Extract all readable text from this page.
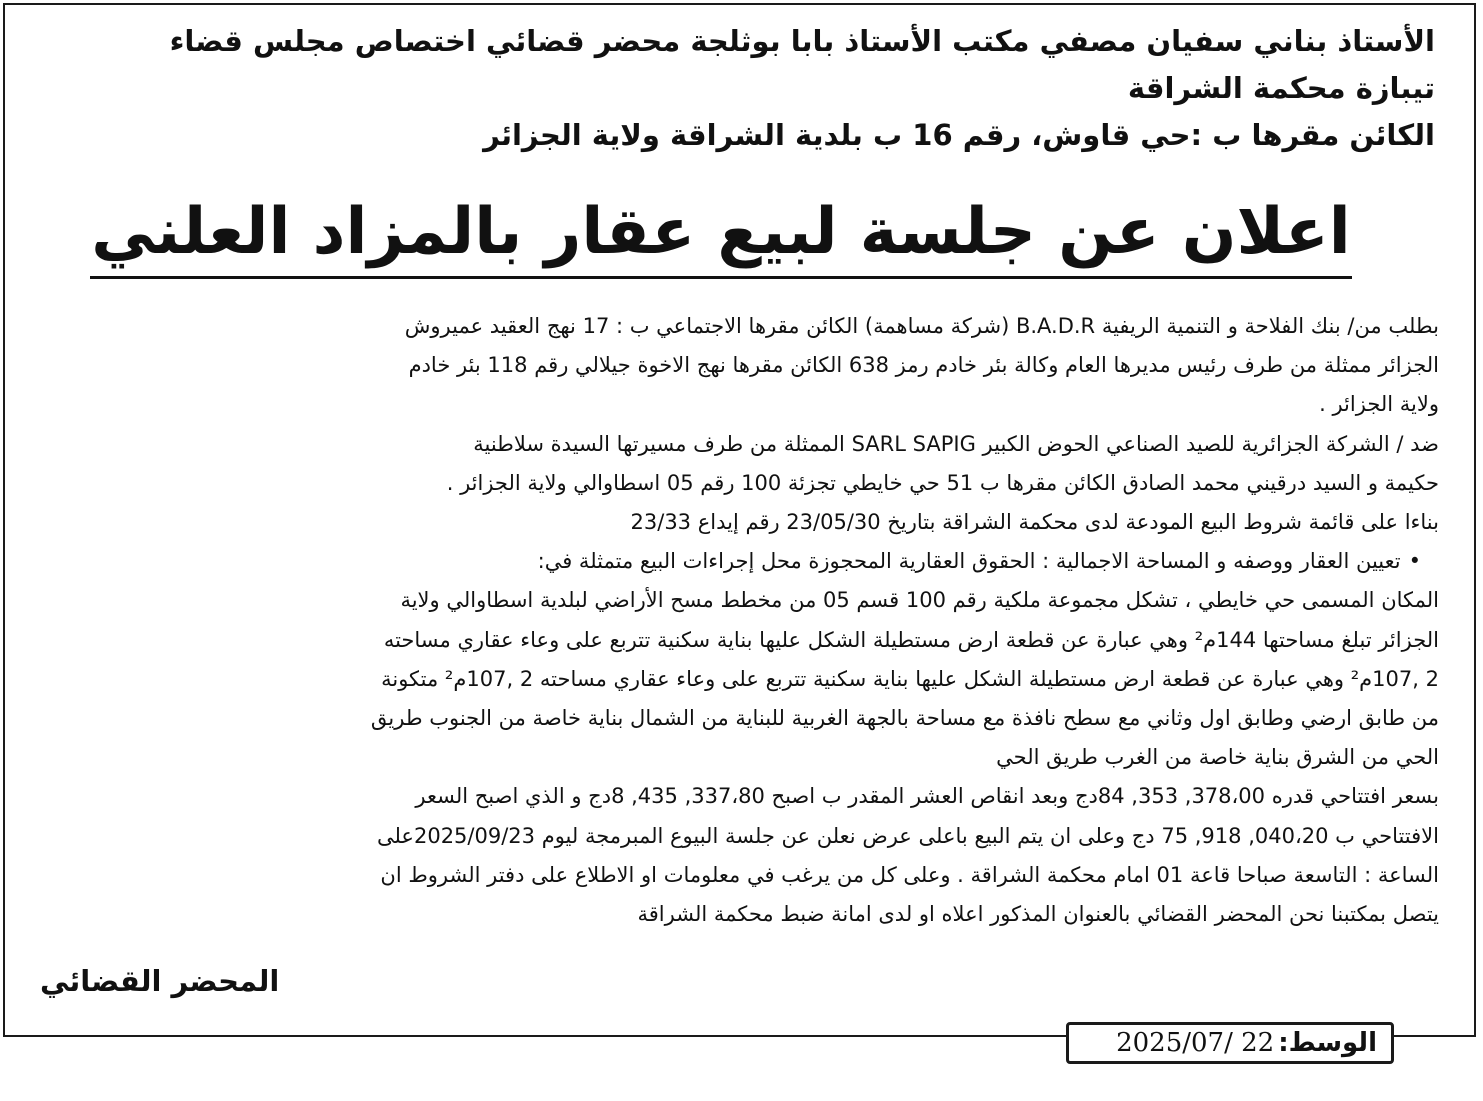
الأستاذ بناني سفيان مصفي مكتب الأستاذ بابا بوثلجة محضر قضائي اختصاص مجلس قضاء
تيبازة محكمة الشراقة
الكائن مقرها ب :حي قاوش، رقم 16 ب بلدية الشراقة ولاية الجزائر
اعلان عن جلسة لبيع عقار بالمزاد العلني
بطلب من/ بنك الفلاحة و التنمية الريفية B.A.D.R (شركة مساهمة) الكائن مقرها الاجتماعي ب : 17 نهج العقيد عميروش
الجزائر ممثلة من طرف رئيس مديرها العام وكالة بئر خادم رمز 638 الكائن مقرها نهج الاخوة جيلالي رقم 118 بئر خادم
ولاية الجزائر .
ضد / الشركة الجزائرية للصيد الصناعي الحوض الكبير SARL SAPIG الممثلة من طرف مسيرتها السيدة سلاطنية
حكيمة و السيد درقيني محمد الصادق الكائن مقرها ب 51 حي خايطي تجزئة 100 رقم 05 اسطاوالي ولاية الجزائر .
بناءا على قائمة شروط البيع المودعة لدى محكمة الشراقة بتاريخ 23/05/30 رقم إيداع 23/33
• تعيين العقار ووصفه و المساحة الاجمالية : الحقوق العقارية المحجوزة محل إجراءات البيع متمثلة في:
المكان المسمى حي خايطي ، تشكل مجموعة ملكية رقم 100 قسم 05 من مخطط مسح الأراضي لبلدية اسطاوالي ولاية
الجزائر تبلغ مساحتها 144م² وهي عبارة عن قطعة ارض مستطيلة الشكل عليها بناية سكنية تتربع على وعاء عقاري مساحته
2 ,107م² وهي عبارة عن قطعة ارض مستطيلة الشكل عليها بناية سكنية تتربع على وعاء عقاري مساحته 2 ,107م² متكونة
من طابق ارضي وطابق اول وثاني مع سطح نافذة مع مساحة بالجهة الغربية للبناية من الشمال بناية خاصة من الجنوب طريق
الحي من الشرق بناية خاصة من الغرب طريق الحي
بسعر افتتاحي قدره 378،00, 353, 84دج وبعد انقاص العشر المقدر ب اصبح 337،80, 435, 8دج و الذي اصبح السعر
الافتتاحي ب 040،20, 918, 75 دج وعلى ان يتم البيع باعلى عرض نعلن عن جلسة البيوع المبرمجة ليوم 2025/09/23على
الساعة : التاسعة صباحا قاعة 01 امام محكمة الشراقة . وعلى كل من يرغب في معلومات او الاطلاع على دفتر الشروط ان
يتصل بمكتبنا نحن المحضر القضائي بالعنوان المذكور اعلاه او لدى امانة ضبط محكمة الشراقة
المحضر القضائي
الوسط:
22 /2025/07
